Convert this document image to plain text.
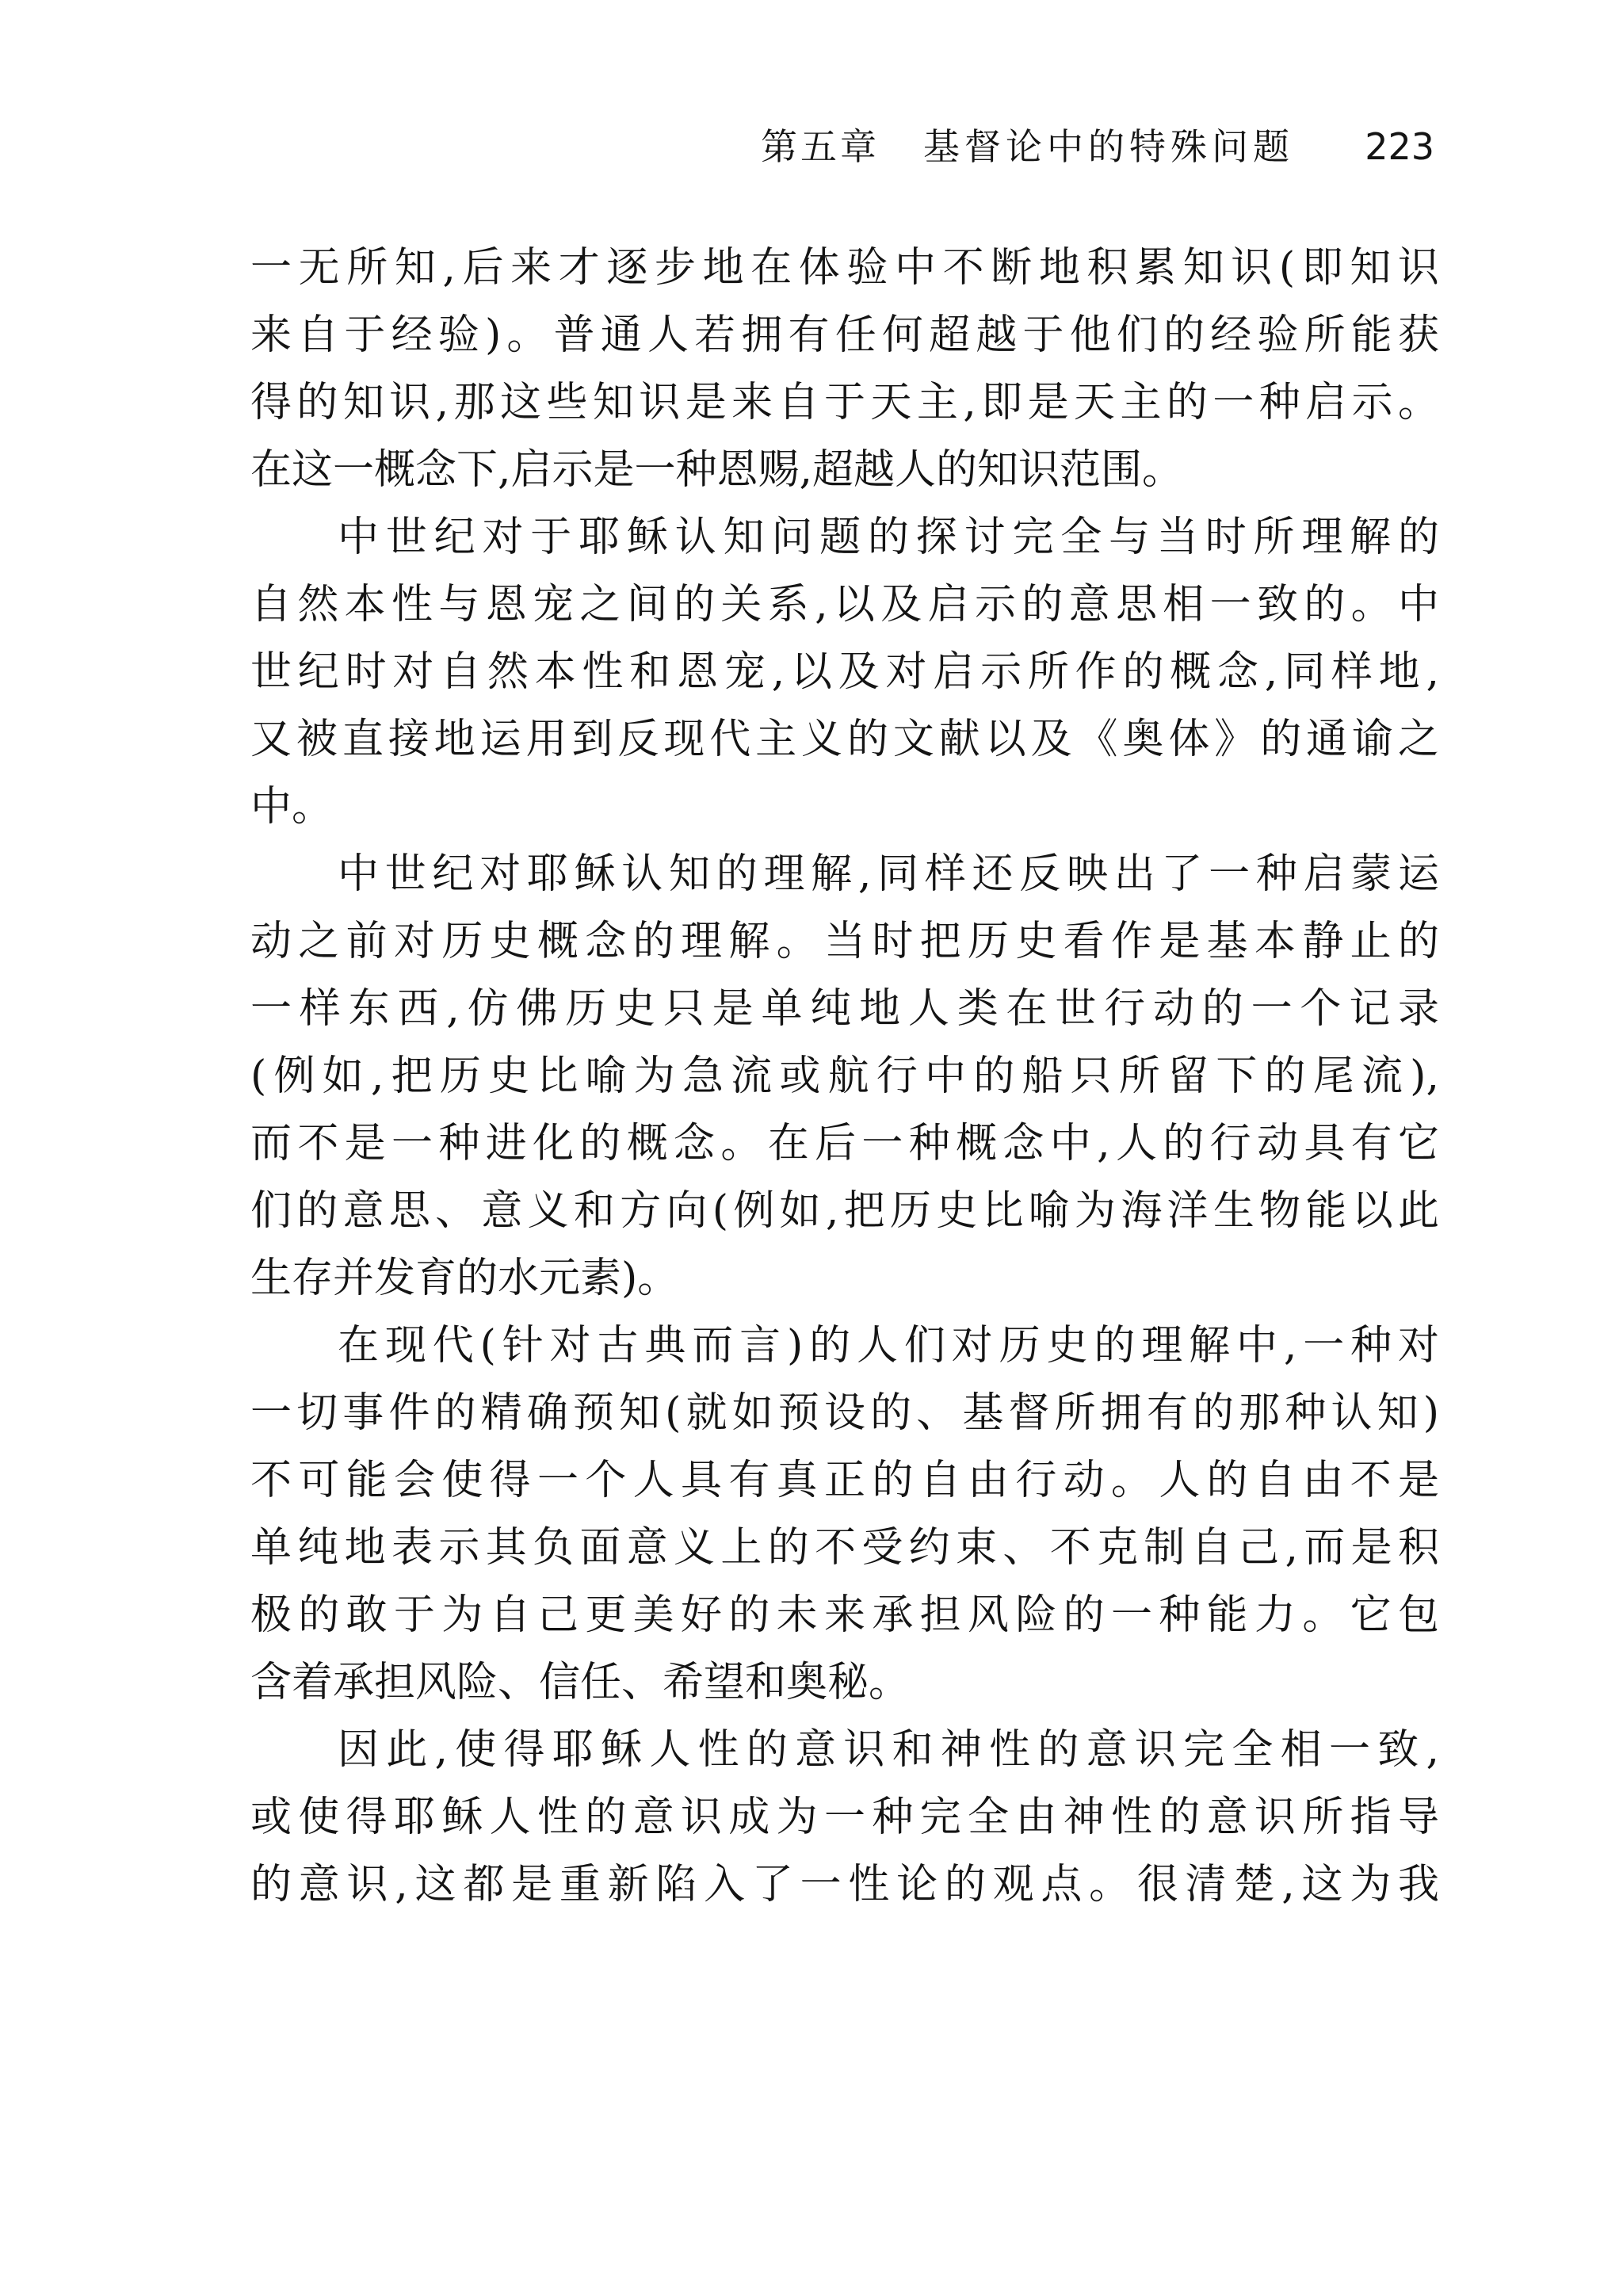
第五章 基督论中的特殊问题 223
一无所知,后来才逐步地在体验中不断地积累知识(即知识
来自于经验)。普通人若拥有任何超越于他们的经验所能获
得的知识,那这些知识是来自于天主,即是天主的一种启示。
在这一概念下,启示是一种恩赐,超越人的知识范围。
中世纪对于耶稣认知问题的探讨完全与当时所理解的
自然本性与恩宠之间的关系,以及启示的意思相一致的。中
世纪时对自然本性和恩宠,以及对启示所作的概念,同样地,
又被直接地运用到反现代主义的文献以及《奥体》的通谕之
中。
中世纪对耶稣认知的理解,同样还反映出了一种启蒙运
动之前对历史概念的理解。当时把历史看作是基本静止的
一样东西,仿佛历史只是单纯地人类在世行动的一个记录
(例如,把历史比喻为急流或航行中的船只所留下的尾流),
而不是一种进化的概念。在后一种概念中,人的行动具有它
们的意思、意义和方向(例如,把历史比喻为海洋生物能以此
生存并发育的水元素)。
在现代(针对古典而言)的人们对历史的理解中,一种对
一切事件的精确预知(就如预设的、基督所拥有的那种认知)
不可能会使得一个人具有真正的自由行动。人的自由不是
单纯地表示其负面意义上的不受约束、不克制自己,而是积
极的敢于为自己更美好的未来承担风险的一种能力。它包
含着承担风险、信任、希望和奥秘。
因此,使得耶稣人性的意识和神性的意识完全相一致,
或使得耶稣人性的意识成为一种完全由神性的意识所指导
的意识,这都是重新陷入了一性论的观点。很清楚,这为我
